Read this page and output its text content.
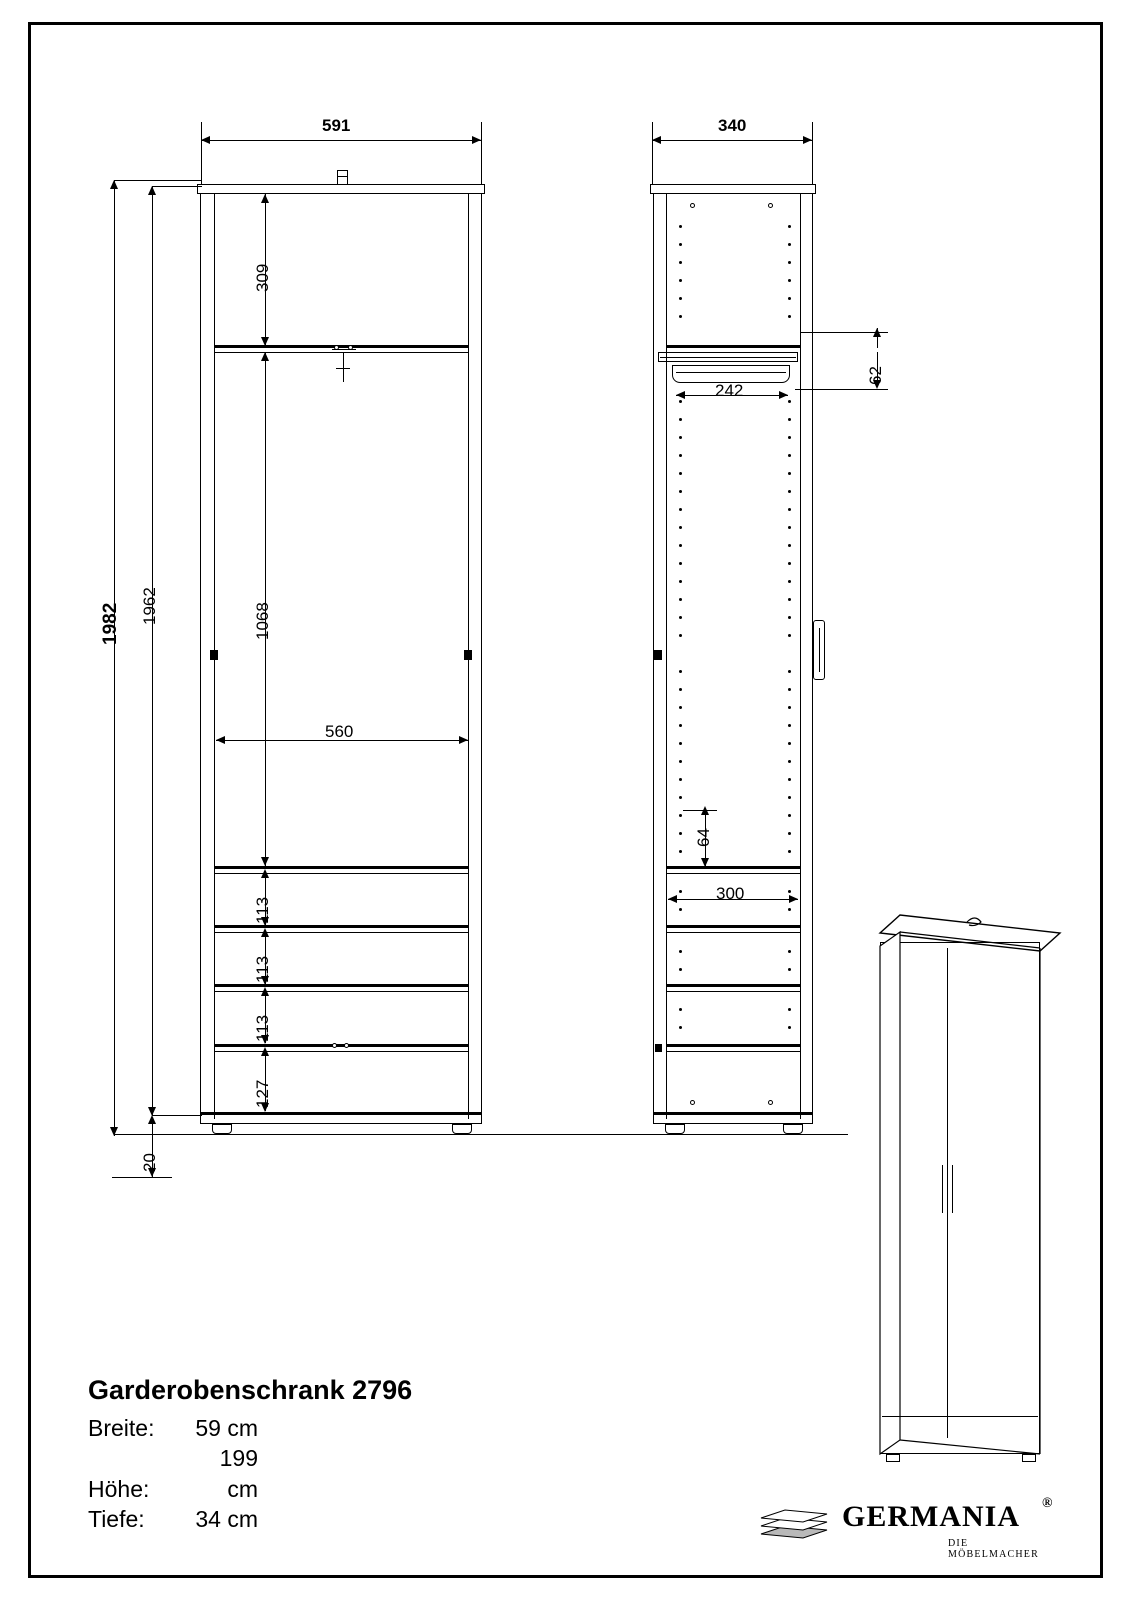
591
1982 1962
20
309
1068
560
113
113
113
127
340
62
242
64
300
Garderobenschrank 2796
Breite: 59 cm
Höhe:199 cm
Tiefe: 34 cm	GERMANIA ®
DIE MÖBELMACHER
